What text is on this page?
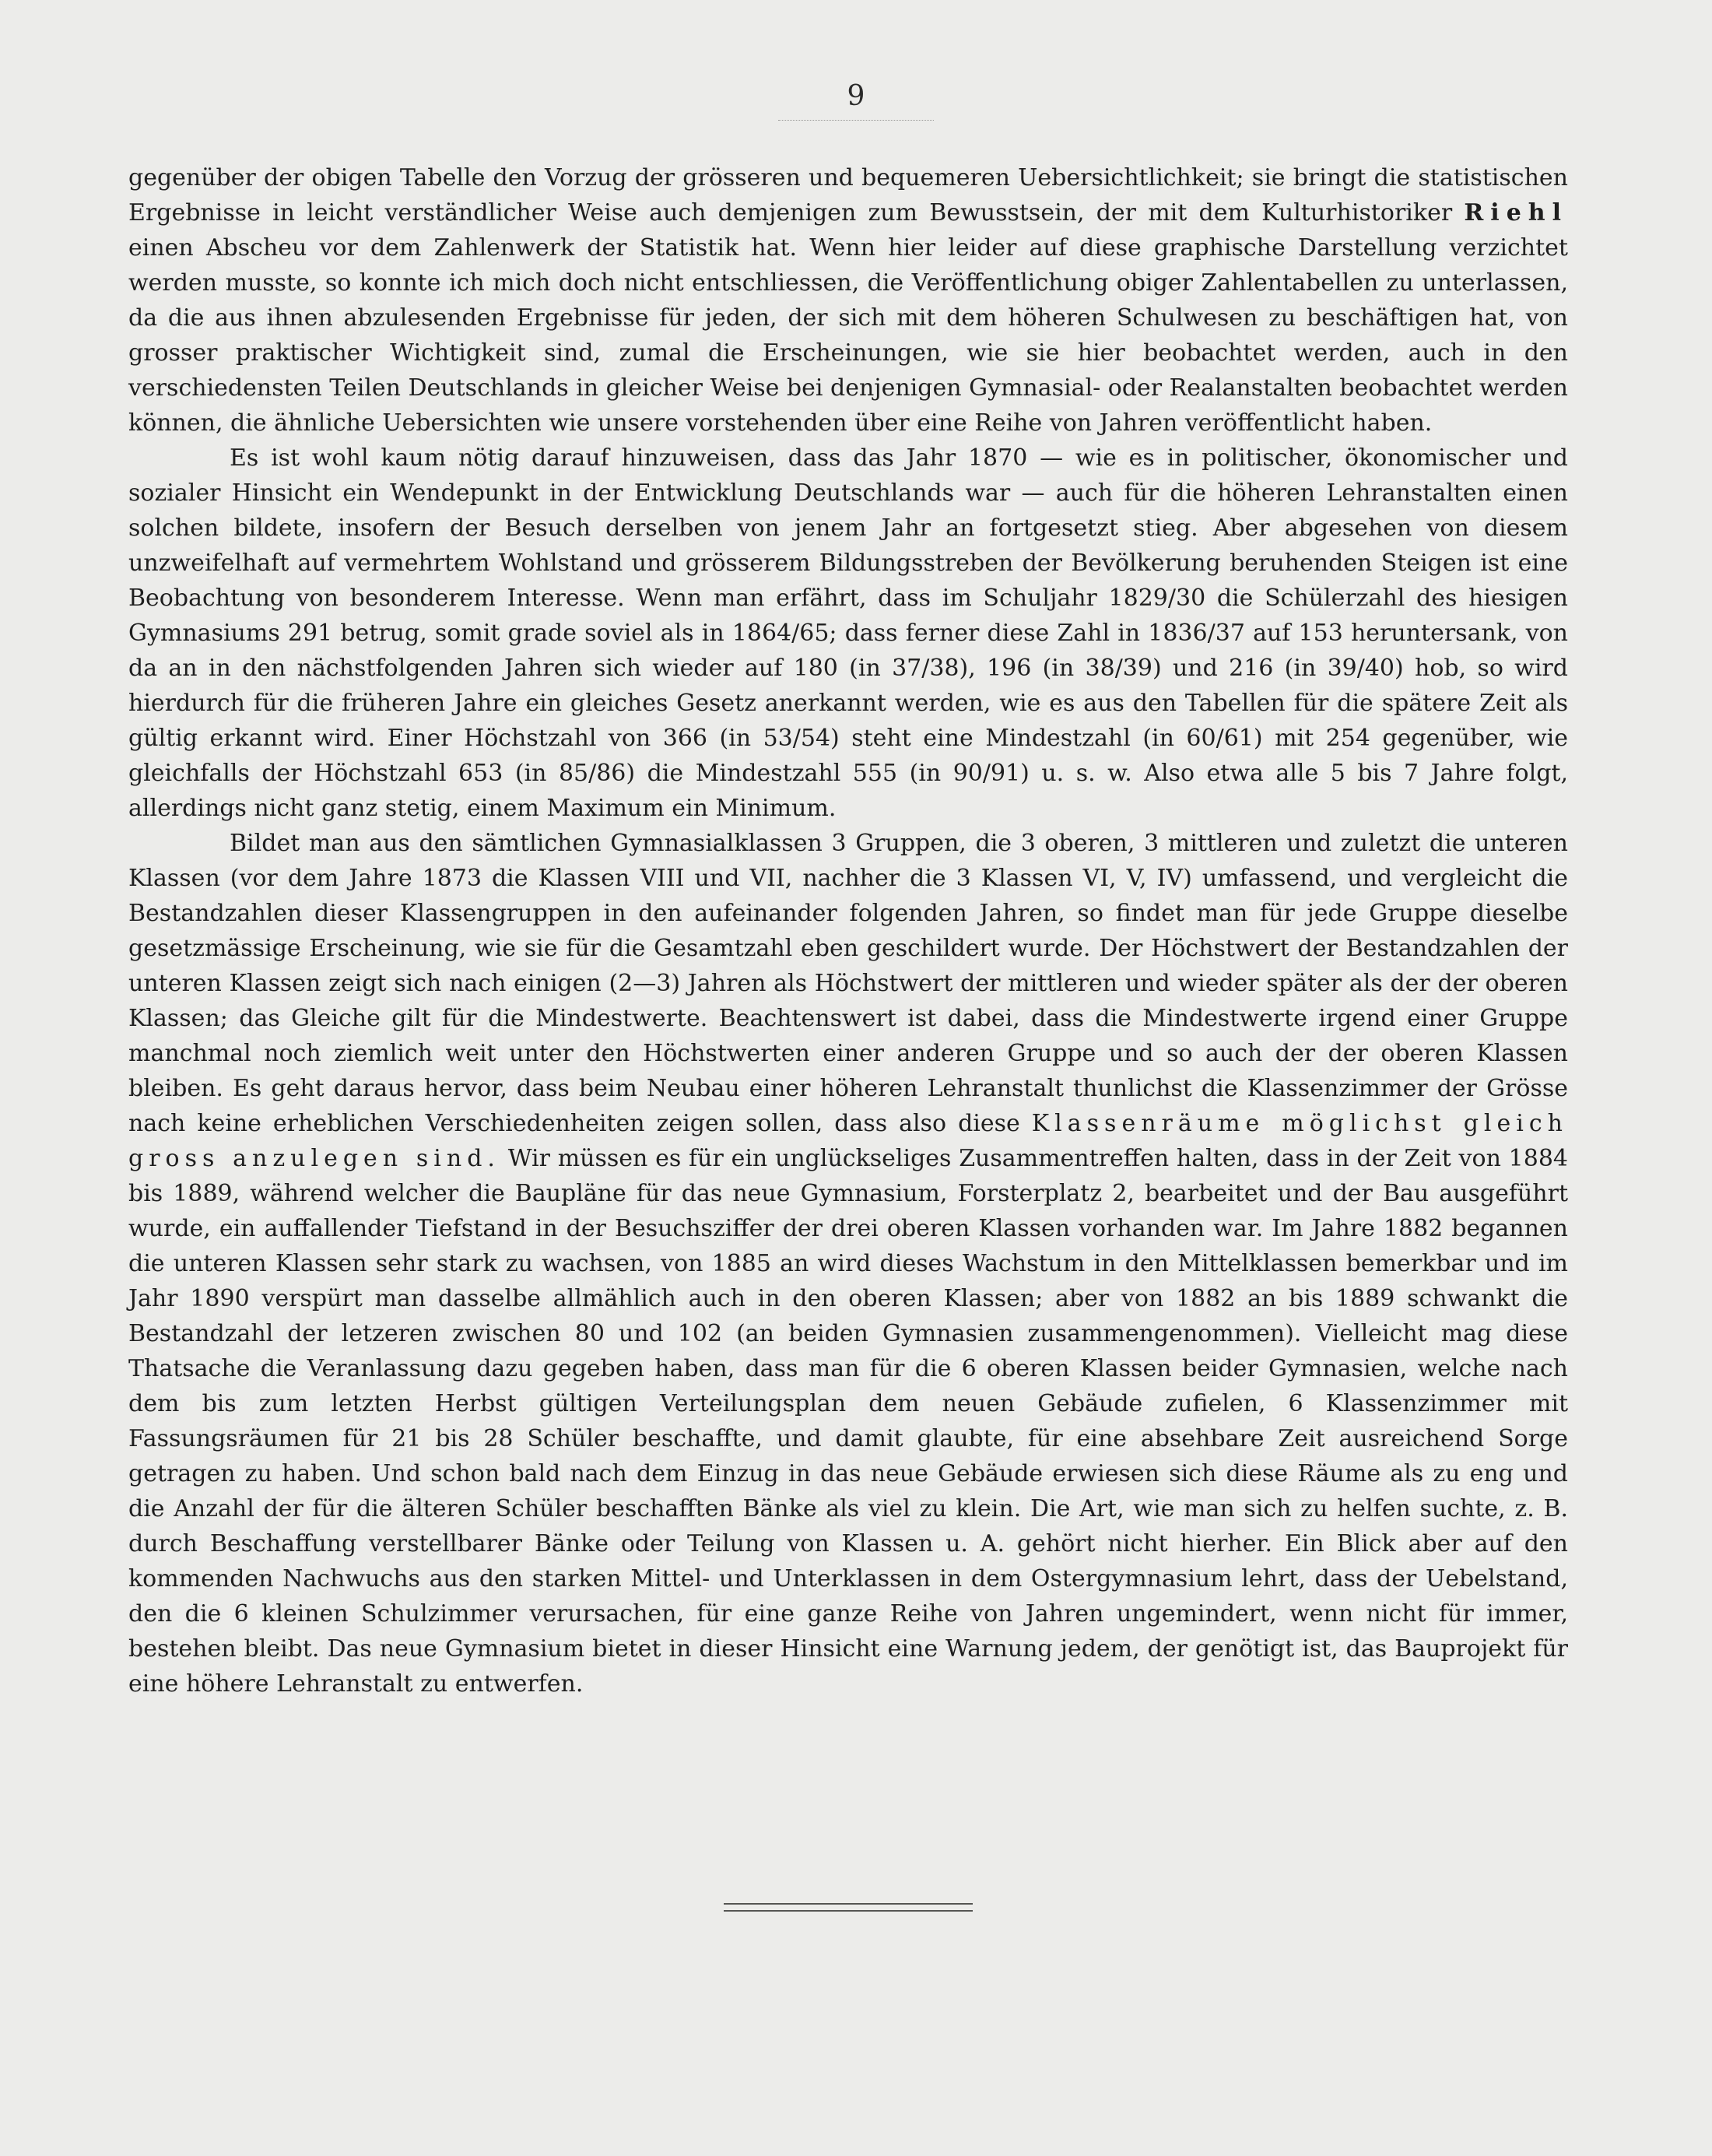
9

gegenüber der obigen Tabelle den Vorzug der grösseren und bequemeren Uebersichtlichkeit; sie bringt die statistischen Ergebnisse in leicht verständlicher Weise auch demjenigen zum Bewusstsein, der mit dem Kulturhistoriker Riehl einen Abscheu vor dem Zahlenwerk der Statistik hat. Wenn hier leider auf diese graphische Darstellung verzichtet werden musste, so konnte ich mich doch nicht entschliessen, die Veröffentlichung obiger Zahlentabellen zu unterlassen, da die aus ihnen abzulesenden Ergebnisse für jeden, der sich mit dem höheren Schulwesen zu beschäftigen hat, von grosser praktischer Wichtigkeit sind, zumal die Erscheinungen, wie sie hier beobachtet werden, auch in den verschiedensten Teilen Deutschlands in gleicher Weise bei denjenigen Gymnasial- oder Realanstalten beobachtet werden können, die ähnliche Uebersichten wie unsere vorstehenden über eine Reihe von Jahren veröffentlicht haben.

Es ist wohl kaum nötig darauf hinzuweisen, dass das Jahr 1870 — wie es in politischer, ökonomischer und sozialer Hinsicht ein Wendepunkt in der Entwicklung Deutschlands war — auch für die höheren Lehranstalten einen solchen bildete, insofern der Besuch derselben von jenem Jahr an fortgesetzt stieg. Aber abgesehen von diesem unzweifelhaft auf vermehrtem Wohlstand und grösserem Bildungsstreben der Bevölkerung beruhenden Steigen ist eine Beobachtung von besonderem Interesse. Wenn man erfährt, dass im Schuljahr 1829/30 die Schülerzahl des hiesigen Gymnasiums 291 betrug, somit grade soviel als in 1864/65; dass ferner diese Zahl in 1836/37 auf 153 heruntersank, von da an in den nächstfolgenden Jahren sich wieder auf 180 (in 37/38), 196 (in 38/39) und 216 (in 39/40) hob, so wird hierdurch für die früheren Jahre ein gleiches Gesetz anerkannt werden, wie es aus den Tabellen für die spätere Zeit als gültig erkannt wird. Einer Höchstzahl von 366 (in 53/54) steht eine Mindestzahl (in 60/61) mit 254 gegenüber, wie gleichfalls der Höchstzahl 653 (in 85/86) die Mindestzahl 555 (in 90/91) u. s. w. Also etwa alle 5 bis 7 Jahre folgt, allerdings nicht ganz stetig, einem Maximum ein Minimum.

Bildet man aus den sämtlichen Gymnasialklassen 3 Gruppen, die 3 oberen, 3 mittleren und zuletzt die unteren Klassen (vor dem Jahre 1873 die Klassen VIII und VII, nachher die 3 Klassen VI, V, IV) umfassend, und vergleicht die Bestandzahlen dieser Klassengruppen in den aufeinander folgenden Jahren, so findet man für jede Gruppe dieselbe gesetzmässige Erscheinung, wie sie für die Gesamtzahl eben geschildert wurde. Der Höchstwert der Bestandzahlen der unteren Klassen zeigt sich nach einigen (2—3) Jahren als Höchstwert der mittleren und wieder später als der der oberen Klassen; das Gleiche gilt für die Mindestwerte. Beachtenswert ist dabei, dass die Mindestwerte irgend einer Gruppe manchmal noch ziemlich weit unter den Höchstwerten einer anderen Gruppe und so auch der der oberen Klassen bleiben. Es geht daraus hervor, dass beim Neubau einer höheren Lehranstalt thunlichst die Klassenzimmer der Grösse nach keine erheblichen Verschiedenheiten zeigen sollen, dass also diese Klassenräume möglichst gleich gross anzulegen sind. Wir müssen es für ein unglückseliges Zusammentreffen halten, dass in der Zeit von 1884 bis 1889, während welcher die Baupläne für das neue Gymnasium, Forsterplatz 2, bearbeitet und der Bau ausgeführt wurde, ein auffallender Tiefstand in der Besuchsziffer der drei oberen Klassen vorhanden war. Im Jahre 1882 begannen die unteren Klassen sehr stark zu wachsen, von 1885 an wird dieses Wachstum in den Mittelklassen bemerkbar und im Jahr 1890 verspürt man dasselbe allmählich auch in den oberen Klassen; aber von 1882 an bis 1889 schwankt die Bestandzahl der letzeren zwischen 80 und 102 (an beiden Gymnasien zusammengenommen). Vielleicht mag diese Thatsache die Veranlassung dazu gegeben haben, dass man für die 6 oberen Klassen beider Gymnasien, welche nach dem bis zum letzten Herbst gültigen Verteilungsplan dem neuen Gebäude zufielen, 6 Klassenzimmer mit Fassungsräumen für 21 bis 28 Schüler beschaffte, und damit glaubte, für eine absehbare Zeit ausreichend Sorge getragen zu haben. Und schon bald nach dem Einzug in das neue Gebäude erwiesen sich diese Räume als zu eng und die Anzahl der für die älteren Schüler beschafften Bänke als viel zu klein. Die Art, wie man sich zu helfen suchte, z. B. durch Beschaffung verstellbarer Bänke oder Teilung von Klassen u. A. gehört nicht hierher. Ein Blick aber auf den kommenden Nachwuchs aus den starken Mittel- und Unterklassen in dem Ostergymnasium lehrt, dass der Uebelstand, den die 6 kleinen Schulzimmer verursachen, für eine ganze Reihe von Jahren ungemindert, wenn nicht für immer, bestehen bleibt. Das neue Gymnasium bietet in dieser Hinsicht eine Warnung jedem, der genötigt ist, das Bauprojekt für eine höhere Lehranstalt zu entwerfen.
